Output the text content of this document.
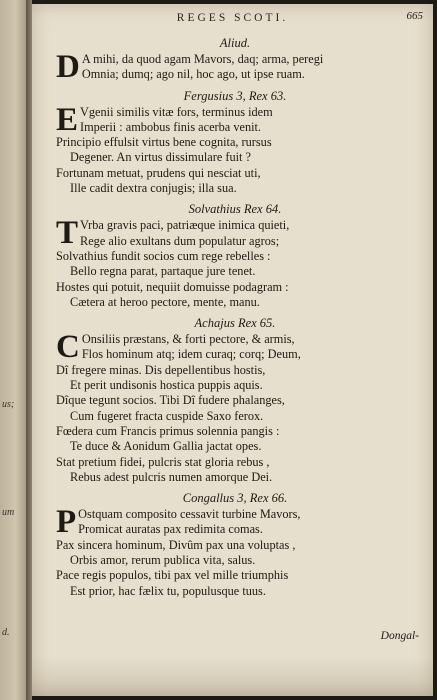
us;
um
d.
REGES SCOTI.	665
Aliud.
D A mihi, da quod agam Mavors, daq; arma, peregi
Omnia; dumq; ago nil, hoc ago, ut ipse ruam.
Fergusius 3, Rex 63.
E Vgenii similis vitæ fors, terminus idem
Imperii : ambobus finis acerba venit.
Principio effulsit virtus bene cognita, rursus
Degener. An virtus dissimulare fuit ?
Fortunam metuat, prudens qui nesciat uti,
Ille cadit dextra conjugis; illa sua.
Solvathius Rex 64.
T Vrba gravis paci, patriæque inimica quieti,
Rege alio exultans dum populatur agros;
Solvathius fundit socios cum rege rebelles :
Bello regna parat, partaque jure tenet.
Hostes qui potuit, nequiit domuisse podagram :
Cætera at heroo pectore, mente, manu.
Achajus Rex 65.
C Onsiliis præstans, & forti pectore, & armis,
Flos hominum atq; idem curaq; corq; Deum,
Dî fregere minas. Dis depellentibus hostis,
Et perit undisonis hostica puppis aquis.
Dîque tegunt socios. Tibi Dî fudere phalanges,
Cum fugeret fracta cuspide Saxo ferox.
Fœdera cum Francis primus solennia pangis :
Te duce & Aonidum Gallia jactat opes.
Stat pretium fidei, pulcris stat gloria rebus ,
Rebus adest pulcris numen amorque Dei.
Congallus 3, Rex 66.
P Ostquam composito cessavit turbine Mavors,
Promicat auratas pax redimita comas.
Pax sincera hominum, Divûm pax una voluptas ,
Orbis amor, rerum publica vita, salus.
Pace regis populos, tibi pax vel mille triumphis
Est prior, hac fælix tu, populusque tuus.
Dongal-
